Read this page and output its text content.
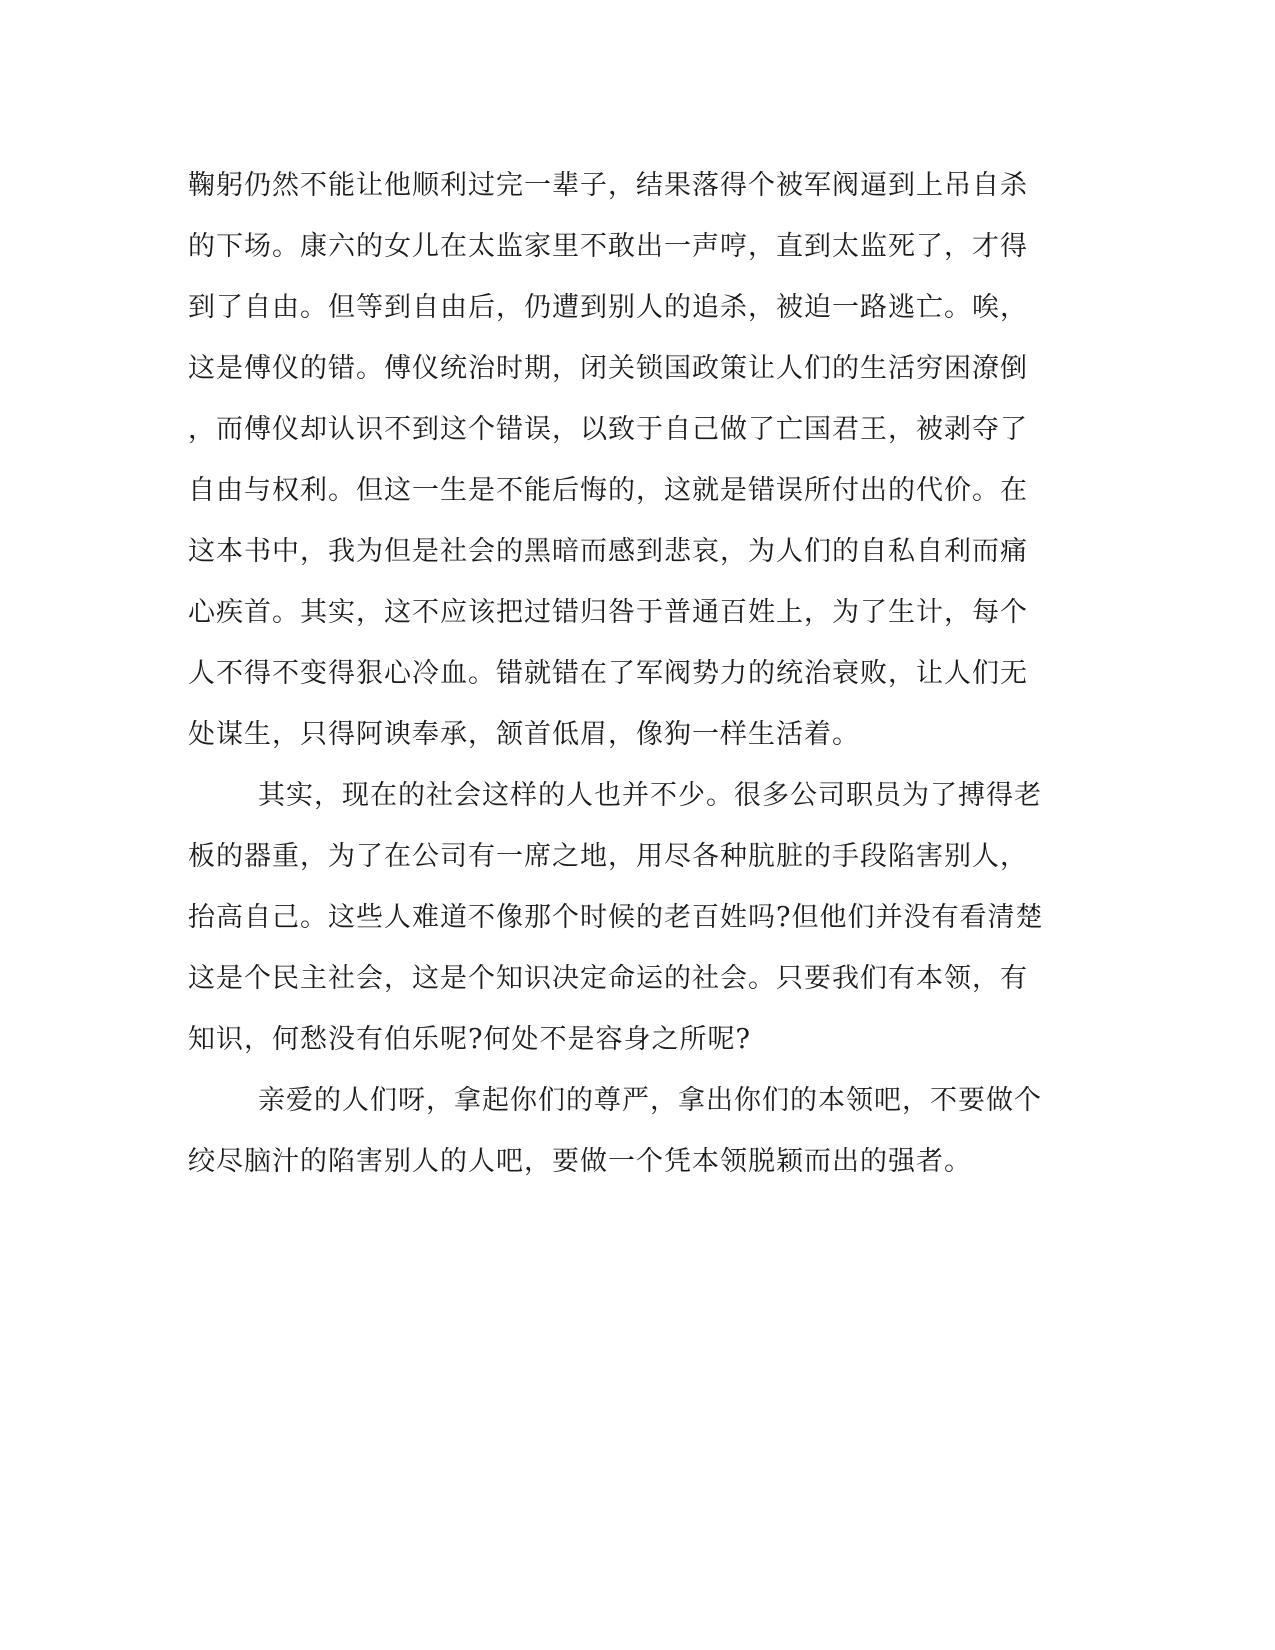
鞠躬仍然不能让他顺利过完一辈子，结果落得个被军阀逼到上吊自杀
的下场。康六的女儿在太监家里不敢出一声哼，直到太监死了，才得
到了自由。但等到自由后，仍遭到别人的追杀，被迫一路逃亡。唉，
这是傅仪的错。傅仪统治时期，闭关锁国政策让人们的生活穷困潦倒
，而傅仪却认识不到这个错误，以致于自己做了亡国君王，被剥夺了
自由与权利。但这一生是不能后悔的，这就是错误所付出的代价。在
这本书中，我为但是社会的黑暗而感到悲哀，为人们的自私自利而痛
心疾首。其实，这不应该把过错归咎于普通百姓上，为了生计，每个
人不得不变得狠心冷血。错就错在了军阀势力的统治衰败，让人们无
处谋生，只得阿谀奉承，颔首低眉，像狗一样生活着。
其实，现在的社会这样的人也并不少。很多公司职员为了搏得老
板的器重，为了在公司有一席之地，用尽各种肮脏的手段陷害别人，
抬高自己。这些人难道不像那个时候的老百姓吗?但他们并没有看清楚
这是个民主社会，这是个知识决定命运的社会。只要我们有本领，有
知识，何愁没有伯乐呢?何处不是容身之所呢?
亲爱的人们呀，拿起你们的尊严，拿出你们的本领吧，不要做个
绞尽脑汁的陷害别人的人吧，要做一个凭本领脱颖而出的强者。
